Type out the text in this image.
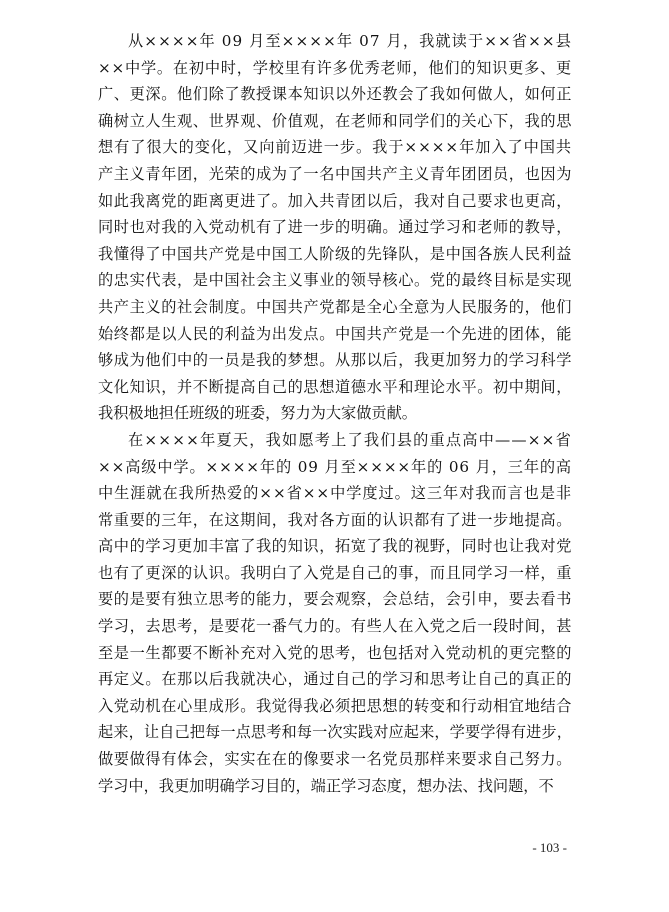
从××××年 09 月至××××年 07 月，我就读于××省××县
××中学。在初中时，学校里有许多优秀老师，他们的知识更多、更
广、更深。他们除了教授课本知识以外还教会了我如何做人，如何正
确树立人生观、世界观、价值观，在老师和同学们的关心下，我的思
想有了很大的变化，又向前迈进一步。我于××××年加入了中国共
产主义青年团，光荣的成为了一名中国共产主义青年团团员，也因为
如此我离党的距离更进了。加入共青团以后，我对自己要求也更高，
同时也对我的入党动机有了进一步的明确。通过学习和老师的教导，
我懂得了中国共产党是中国工人阶级的先锋队，是中国各族人民利益
的忠实代表，是中国社会主义事业的领导核心。党的最终目标是实现
共产主义的社会制度。中国共产党都是全心全意为人民服务的，他们
始终都是以人民的利益为出发点。中国共产党是一个先进的团体，能
够成为他们中的一员是我的梦想。从那以后，我更加努力的学习科学
文化知识，并不断提高自己的思想道德水平和理论水平。初中期间，
我积极地担任班级的班委，努力为大家做贡献。
在××××年夏天，我如愿考上了我们县的重点高中——××省
××高级中学。××××年的 09 月至××××年的 06 月，三年的高
中生涯就在我所热爱的××省××中学度过。这三年对我而言也是非
常重要的三年，在这期间，我对各方面的认识都有了进一步地提高。
高中的学习更加丰富了我的知识，拓宽了我的视野，同时也让我对党
也有了更深的认识。我明白了入党是自己的事，而且同学习一样，重
要的是要有独立思考的能力，要会观察，会总结，会引申，要去看书
学习，去思考，是要花一番气力的。有些人在入党之后一段时间，甚
至是一生都要不断补充对入党的思考，也包括对入党动机的更完整的
再定义。在那以后我就决心，通过自己的学习和思考让自己的真正的
入党动机在心里成形。我觉得我必须把思想的转变和行动相宜地结合
起来，让自己把每一点思考和每一次实践对应起来，学要学得有进步，
做要做得有体会，实实在在的像要求一名党员那样来要求自己努力。
学习中，我更加明确学习目的，端正学习态度，想办法、找问题，不
- 103 -
